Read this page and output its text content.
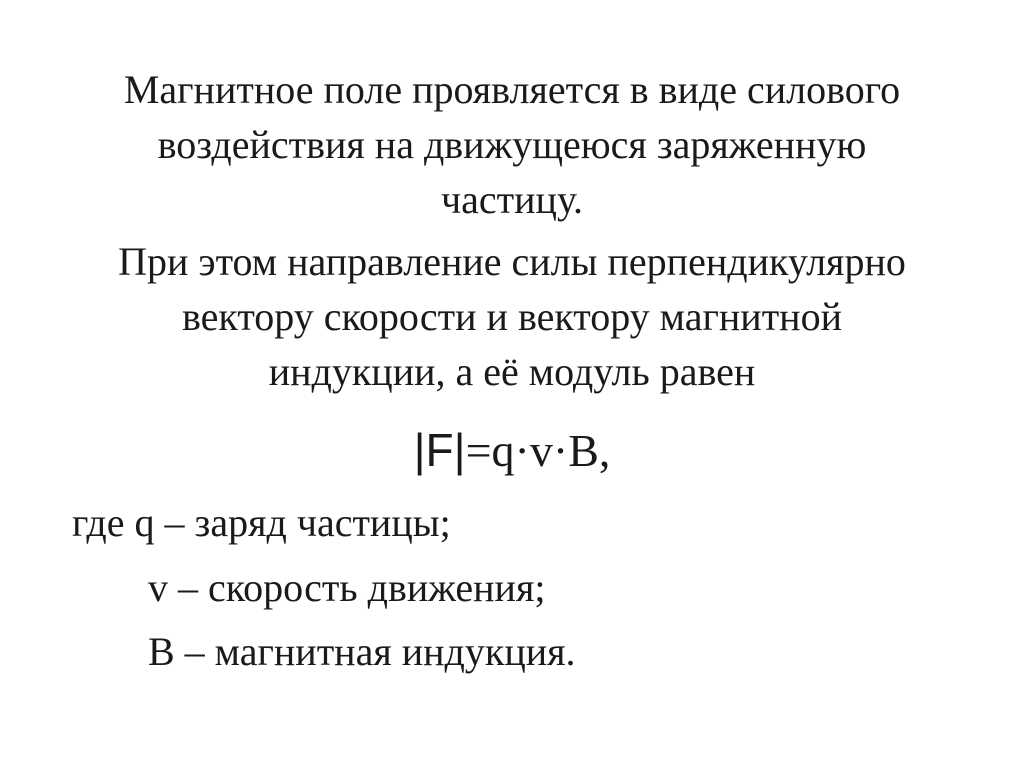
Магнитное поле проявляется в виде силового
воздействия на движущеюся заряженную
частицу.
При этом направление силы перпендикулярно
вектору скорости и вектору магнитной
индукции, а её модуль равен
|F|=q·v·B,
где q – заряд частицы;
v – скорость движения;
B – магнитная индукция.
